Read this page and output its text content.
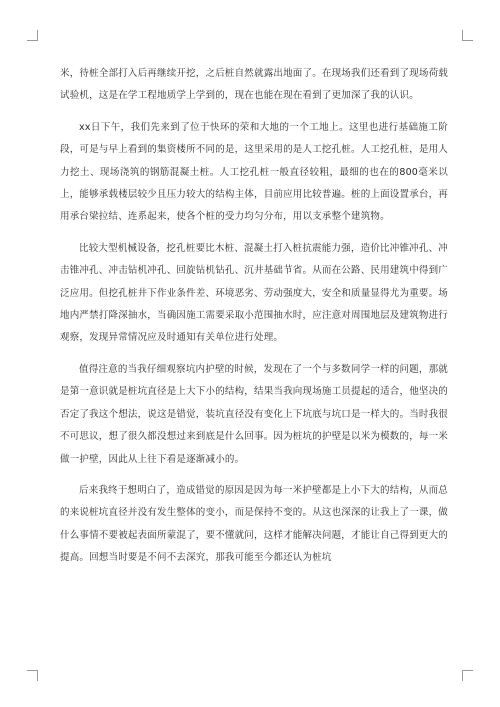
米，待桩全部打入后再继续开挖，之后桩自然就露出地面了。在现场我们还看到了现场荷载试验机，这是在学工程地质学上学到的，现在也能在现在看到了更加深了我的认识。

xx日下午，我们先来到了位于快环的荣和大地的一个工地上。这里也进行基础施工阶段，可是与早上看到的集资楼所不同的是，这里采用的是人工挖孔桩。人工挖孔桩，是用人力挖土、现场浇筑的钢筋混凝土桩。人工挖孔桩一般直径较粗，最细的也在的800毫米以上，能够承载楼层较少且压力较大的结构主体，目前应用比较普遍。桩的上面设置承台，再用承台梁拉结、连系起来，使各个桩的受力均匀分布，用以支承整个建筑物。

比较大型机械设备，挖孔桩要比木桩、混凝土打入桩抗震能力强，造价比冲锥冲孔、冲击锥冲孔、冲击钻机冲孔、回旋钻机钻孔、沉井基础节省。从而在公路、民用建筑中得到广泛应用。但挖孔桩井下作业条件差、环境恶劣、劳动强度大，安全和质量显得尤为重要。场地内严禁打降深抽水，当确因施工需要采取小范围抽水时，应注意对周围地层及建筑物进行观察，发现异常情况应及时通知有关单位进行处理。

值得注意的当我仔细观察坑内护壁的时候，发现在了一个与多数同学一样的问题，那就是第一意识就是桩坑直径是上大下小的结构，结果当我向现场施工员提起的适合，他坚决的否定了我这个想法，说这是错觉，装坑直径没有变化上下坑底与坑口是一样大的。当时我很不可思议，想了很久都没想过来到底是什么回事。因为桩坑的护壁是以米为模数的，每一米做一护壁，因此从上往下看是逐渐减小的。

后来我终于想明白了，造成错觉的原因是因为每一米护壁都是上小下大的结构，从而总的来说桩坑直径并没有发生整体的变小，而是保持不变的。从这也深深的让我上了一课，做什么事情不要被起表面所蒙混了，要不懂就问，这样才能解决问题，才能让自己得到更大的提高。回想当时要是不问不去深究，那我可能至今都还认为桩坑
